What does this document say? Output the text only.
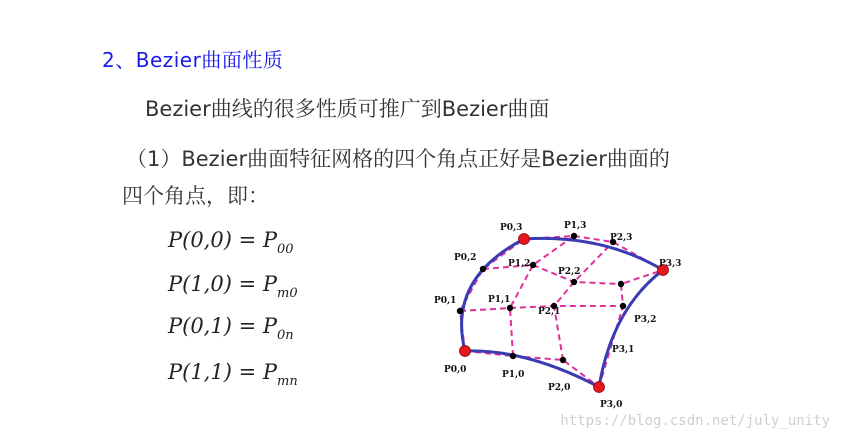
2、Bezier曲面性质
Bezier曲线的很多性质可推广到Bezier曲面
（1）Bezier曲面特征网格的四个角点正好是Bezier曲面的
四个角点，即：
$P(0,0) = P_{00}$
$P(1,0) = P_{m0}$
$P(0,1) = P_{0n}$
$P(1,1) = P_{mn}$
P0,0	P1,0
P2,0
P3,0
P0,1	P1,1
P2,1
P3,1
P0,2
P1,2
P2,2
P3,2
P0,3	P1,3
P2,3
P3,3
https://blog.csdn.net/july_unity
